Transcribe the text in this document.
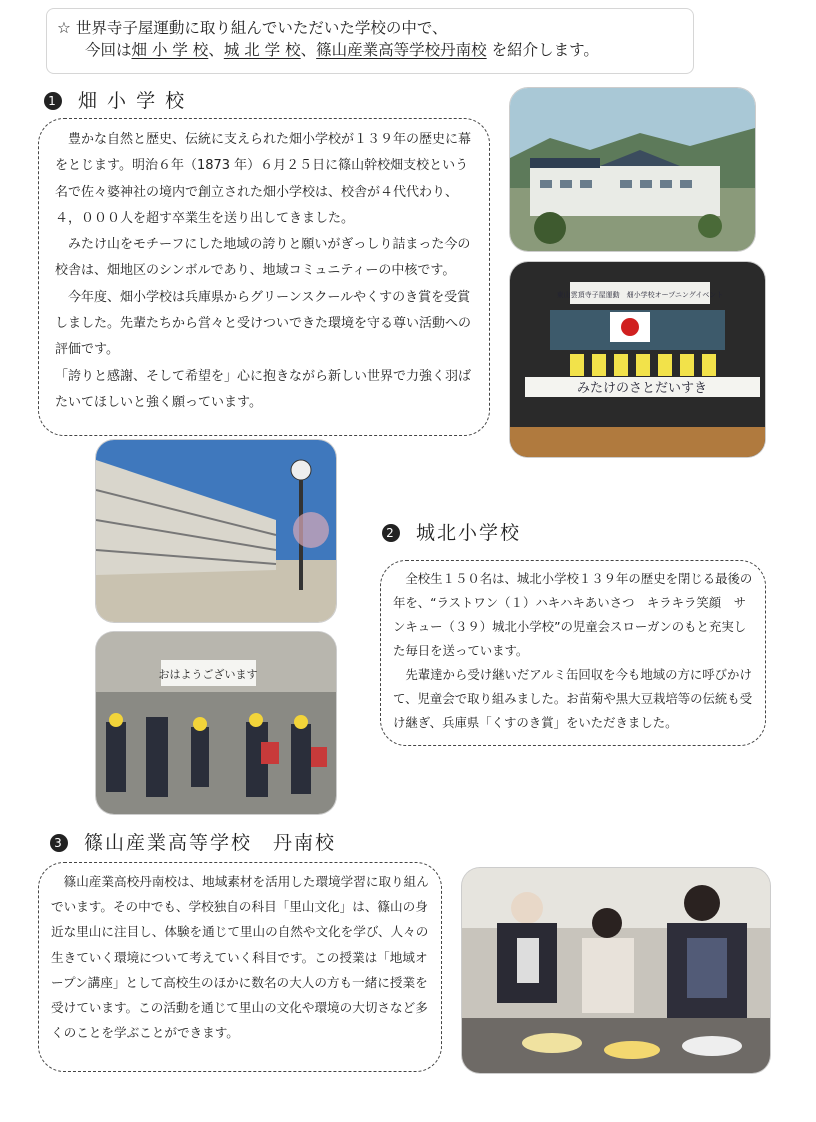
☆ 世界寺子屋運動に取り組んでいただいた学校の中で、
今回は畑 小 学 校、城 北 学 校、篠山産業高等学校丹南校 を紹介します。
1 畑 小 学 校

豊かな自然と歴史、伝統に支えられた畑小学校が１３９年の歴史に幕をとじます。明治６年（1873 年）６月２５日に篠山幹校畑支校という名で佐々婆神社の境内で創立された畑小学校は、校舎が４代代わり、４，０００人を超す卒業生を送り出してきました。

みたけ山をモチーフにした地域の誇りと願いがぎっしり詰まった今の校舎は、畑地区のシンボルであり、地域コミュニティーの中核です。

今年度、畑小学校は兵庫県からグリーンスクールやくすのき賞を受賞しました。先輩たちから営々と受けついできた環境を守る尊い活動への評価です。

「誇りと感謝、そして希望を」心に抱きながら新しい世界で力強く羽ばたいてほしいと強く願っています。

東山雲頂寺子屋運動　畑小学校オープニングイベント
みたけのさとだいすき
おはようございます
2 城北小学校

全校生１５０名は、城北小学校１３９年の歴史を閉じる最後の年を、“ラストワン（１）ハキハキあいさつ　キラキラ笑顔　サンキュー（３９）城北小学校”の児童会スローガンのもと充実した毎日を送っています。

先輩達から受け継いだアルミ缶回収を今も地域の方に呼びかけて、児童会で取り組みました。お苗菊や黒大豆栽培等の伝統も受け継ぎ、兵庫県「くすのき賞」をいただきました。

3 篠山産業高等学校　丹南校

篠山産業高校丹南校は、地域素材を活用した環境学習に取り組んでいます。その中でも、学校独自の科目「里山文化」は、篠山の身近な里山に注目し、体験を通じて里山の自然や文化を学び、人々の生きていく環境について考えていく科目です。この授業は「地域オープン講座」として高校生のほかに数名の大人の方も一緒に授業を受けています。この活動を通じて里山の文化や環境の大切さなど多くのことを学ぶことができます。
